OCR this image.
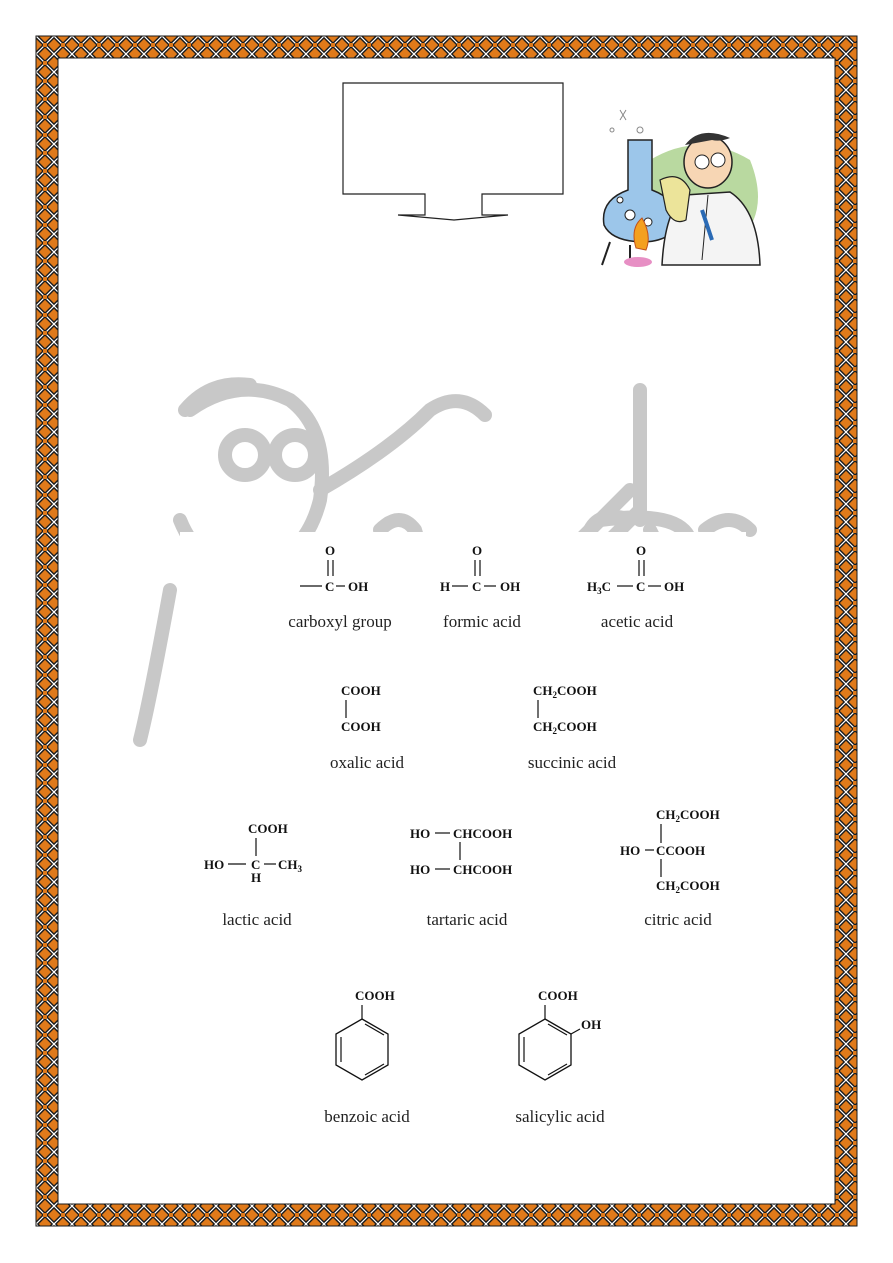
O
C OH
carboxyl group
O
H C OH
formic acid
O
$H_3C$ C OH
acetic acid
COOH
COOH
oxalic acid
$CH_2COOH$
$CH_2COOH$
succinic acid
COOH
HO C $CH_3$
H
lactic acid
HO CHCOOH
HO CHCOOH
tartaric acid
$CH_2COOH$
HO CCOOH
$CH_2COOH$
citric acid
COOH
benzoic acid
COOH
OH
salicylic acid
